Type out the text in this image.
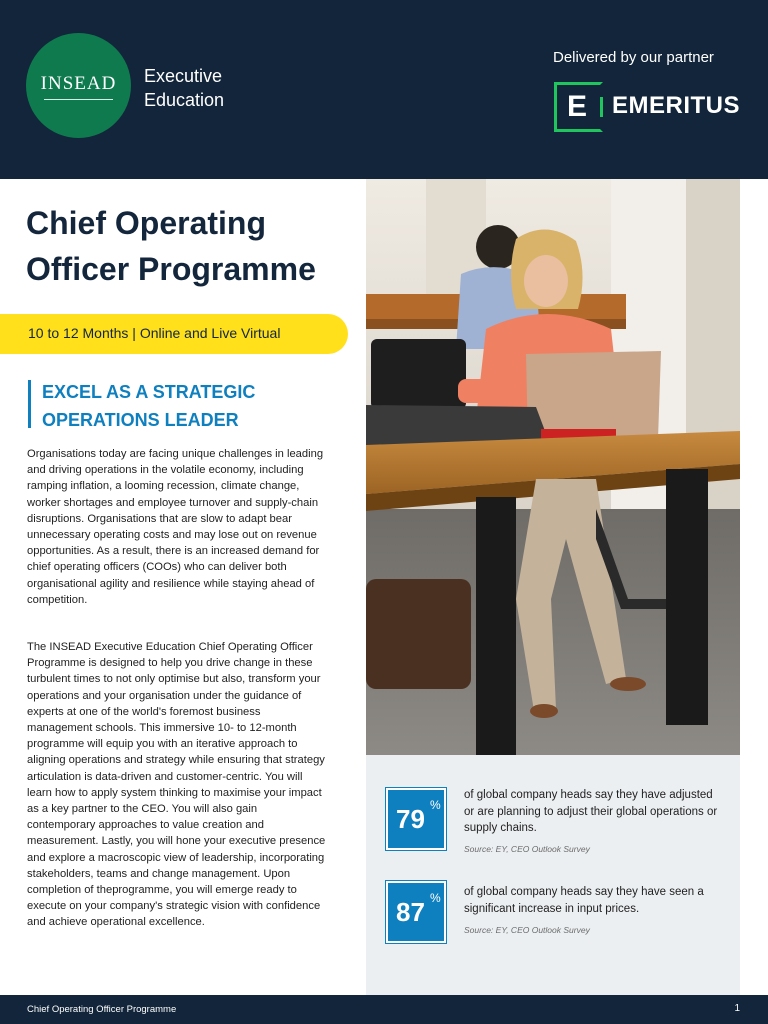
INSEAD	Executive
Education
Delivered by our partner
E EMERITUS
Chief Operating
Officer Programme
10 to 12 Months | Online and Live Virtual
EXCEL AS A STRATEGIC
OPERATIONS LEADER

Organisations today are facing unique challenges in leading and driving operations in the volatile economy, including ramping inflation, a looming recession, climate change, worker shortages and employee turnover and supply-chain disruptions. Organisations that are slow to adapt bear unnecessary operating costs and may lose out on revenue opportunities. As a result, there is an increased demand for chief operating officers (COOs) who can deliver both organisational agility and resilience while staying ahead of competition.

The INSEAD Executive Education Chief Operating Officer Programme is designed to help you drive change in these turbulent times to not only optimise but also, transform your operations and your organisation under the guidance of experts at one of the world's foremost business management schools. This immersive 10- to 12-month programme will equip you with an iterative approach to aligning operations and strategy while ensuring that strategy articulation is data-driven and customer-centric. You will learn how to apply system thinking to maximise your impact as a key partner to the CEO. You will also gain contemporary approaches to value creation and measurement. Lastly, you will hone your executive presence and explore a macroscopic view of leadership, incorporating stakeholders, teams and change management. Upon completion of theprogramme, you will emerge ready to execute on your company's strategic vision with confidence and achieve operational excellence.

79 %
of global company heads say they have adjusted or are planning to adjust their global operations or supply chains.
Source: EY, CEO Outlook Survey
87 % of global company heads say they have seen a significant increase in input prices.
Source: EY, CEO Outlook Survey
Chief Operating Officer Programme	1
